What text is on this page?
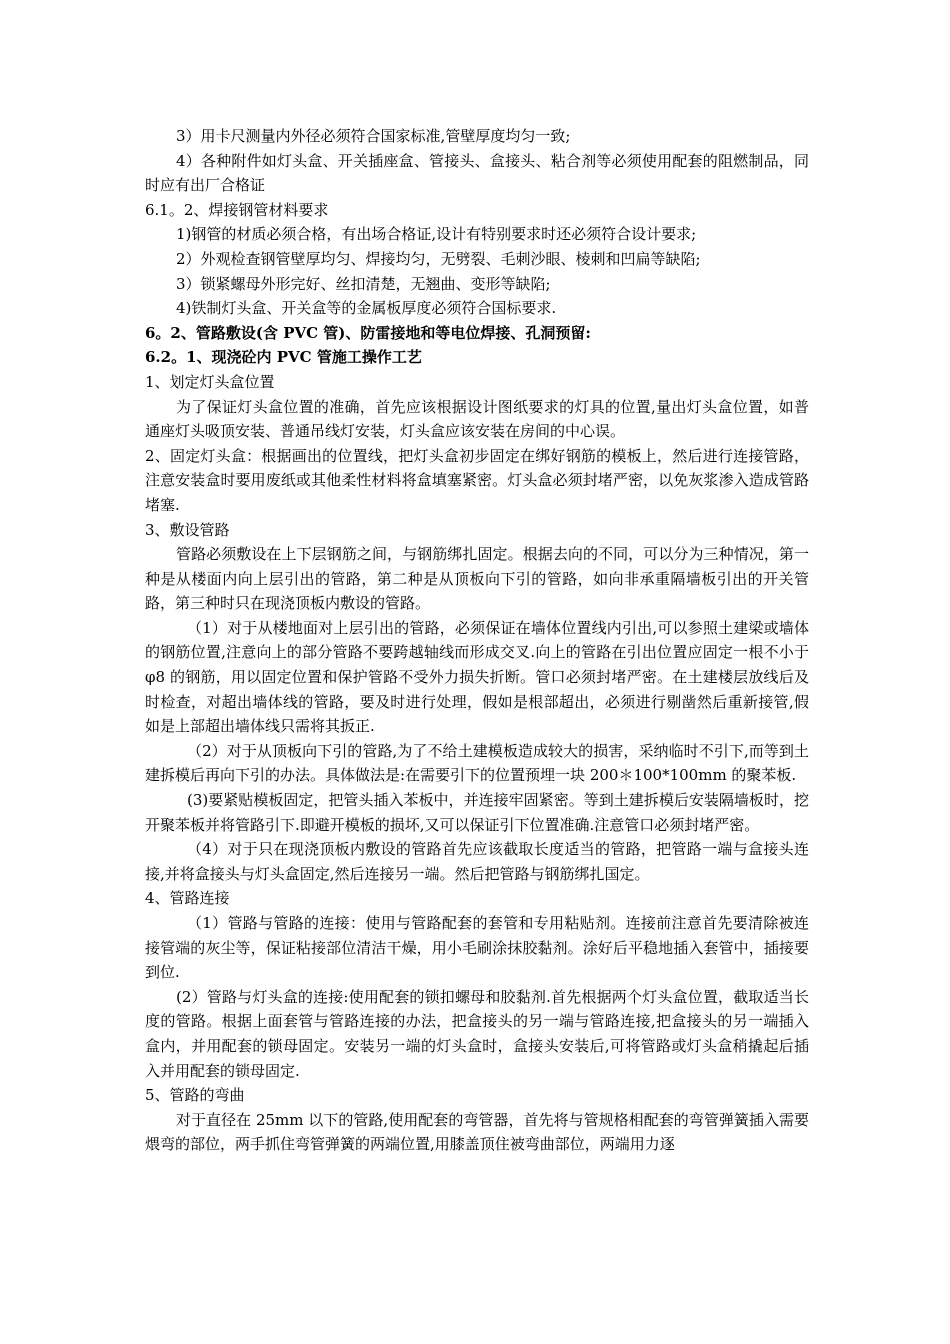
3）用卡尺测量内外径必须符合国家标准,管壁厚度均匀一致;

4）各种附件如灯头盒、开关插座盒、管接头、盒接头、粘合剂等必须使用配套的阻燃制品，同时应有出厂合格证

6.1。2、焊接钢管材料要求

1)钢管的材质必须合格，有出场合格证,设计有特别要求时还必须符合设计要求;

2）外观检查钢管壁厚均匀、焊接均匀，无劈裂、毛刺沙眼、棱刺和凹扁等缺陷;

3）锁紧螺母外形完好、丝扣清楚，无翘曲、变形等缺陷;

4)铁制灯头盒、开关盒等的金属板厚度必须符合国标要求.

6。2、管路敷设(含 PVC 管)、防雷接地和等电位焊接、孔洞预留:

6.2。1、现浇砼内 PVC 管施工操作工艺

1、划定灯头盒位置

为了保证灯头盒位置的准确，首先应该根据设计图纸要求的灯具的位置,量出灯头盒位置，如普通座灯头吸顶安装、普通吊线灯安装，灯头盒应该安装在房间的中心误。

2、固定灯头盒：根据画出的位置线，把灯头盒初步固定在绑好钢筋的模板上，然后进行连接管路，注意安装盒时要用废纸或其他柔性材料将盒填塞紧密。灯头盒必须封堵严密，以免灰浆渗入造成管路堵塞.

3、敷设管路

管路必须敷设在上下层钢筋之间，与钢筋绑扎固定。根据去向的不同，可以分为三种情况，第一种是从楼面内向上层引出的管路，第二种是从顶板向下引的管路，如向非承重隔墙板引出的开关管路，第三种时只在现浇顶板内敷设的管路。

（1）对于从楼地面对上层引出的管路，必须保证在墙体位置线内引出,可以参照土建梁或墙体的钢筋位置,注意向上的部分管路不要跨越轴线而形成交叉.向上的管路在引出位置应固定一根不小于 φ8 的钢筋，用以固定位置和保护管路不受外力损失折断。管口必须封堵严密。在土建楼层放线后及时检查，对超出墙体线的管路，要及时进行处理，假如是根部超出，必须进行剔凿然后重新接管,假如是上部超出墙体线只需将其扳正.

（2）对于从顶板向下引的管路,为了不给土建模板造成较大的损害，采纳临时不引下,而等到土建拆模后再向下引的办法。具体做法是:在需要引下的位置预埋一块 200＊100*100mm 的聚苯板.

(3)要紧贴模板固定，把管头插入苯板中，并连接牢固紧密。等到土建拆模后安装隔墙板时，挖开聚苯板并将管路引下.即避开模板的损坏,又可以保证引下位置准确.注意管口必须封堵严密。

（4）对于只在现浇顶板内敷设的管路首先应该截取长度适当的管路，把管路一端与盒接头连接,并将盒接头与灯头盒固定,然后连接另一端。然后把管路与钢筋绑扎国定。

4、管路连接

（1）管路与管路的连接：使用与管路配套的套管和专用粘贴剂。连接前注意首先要清除被连接管端的灰尘等，保证粘接部位清洁干燥，用小毛刷涂抹胶黏剂。涂好后平稳地插入套管中，插接要到位.

(2）管路与灯头盒的连接:使用配套的锁扣螺母和胶黏剂.首先根据两个灯头盒位置，截取适当长度的管路。根据上面套管与管路连接的办法，把盒接头的另一端与管路连接,把盒接头的另一端插入盒内，并用配套的锁母固定。安装另一端的灯头盒时，盒接头安装后,可将管路或灯头盒稍撬起后插入并用配套的锁母固定.

5、管路的弯曲

对于直径在 25mm 以下的管路,使用配套的弯管器，首先将与管规格相配套的弯管弹簧插入需要煨弯的部位，两手抓住弯管弹簧的两端位置,用膝盖顶住被弯曲部位，两端用力逐
